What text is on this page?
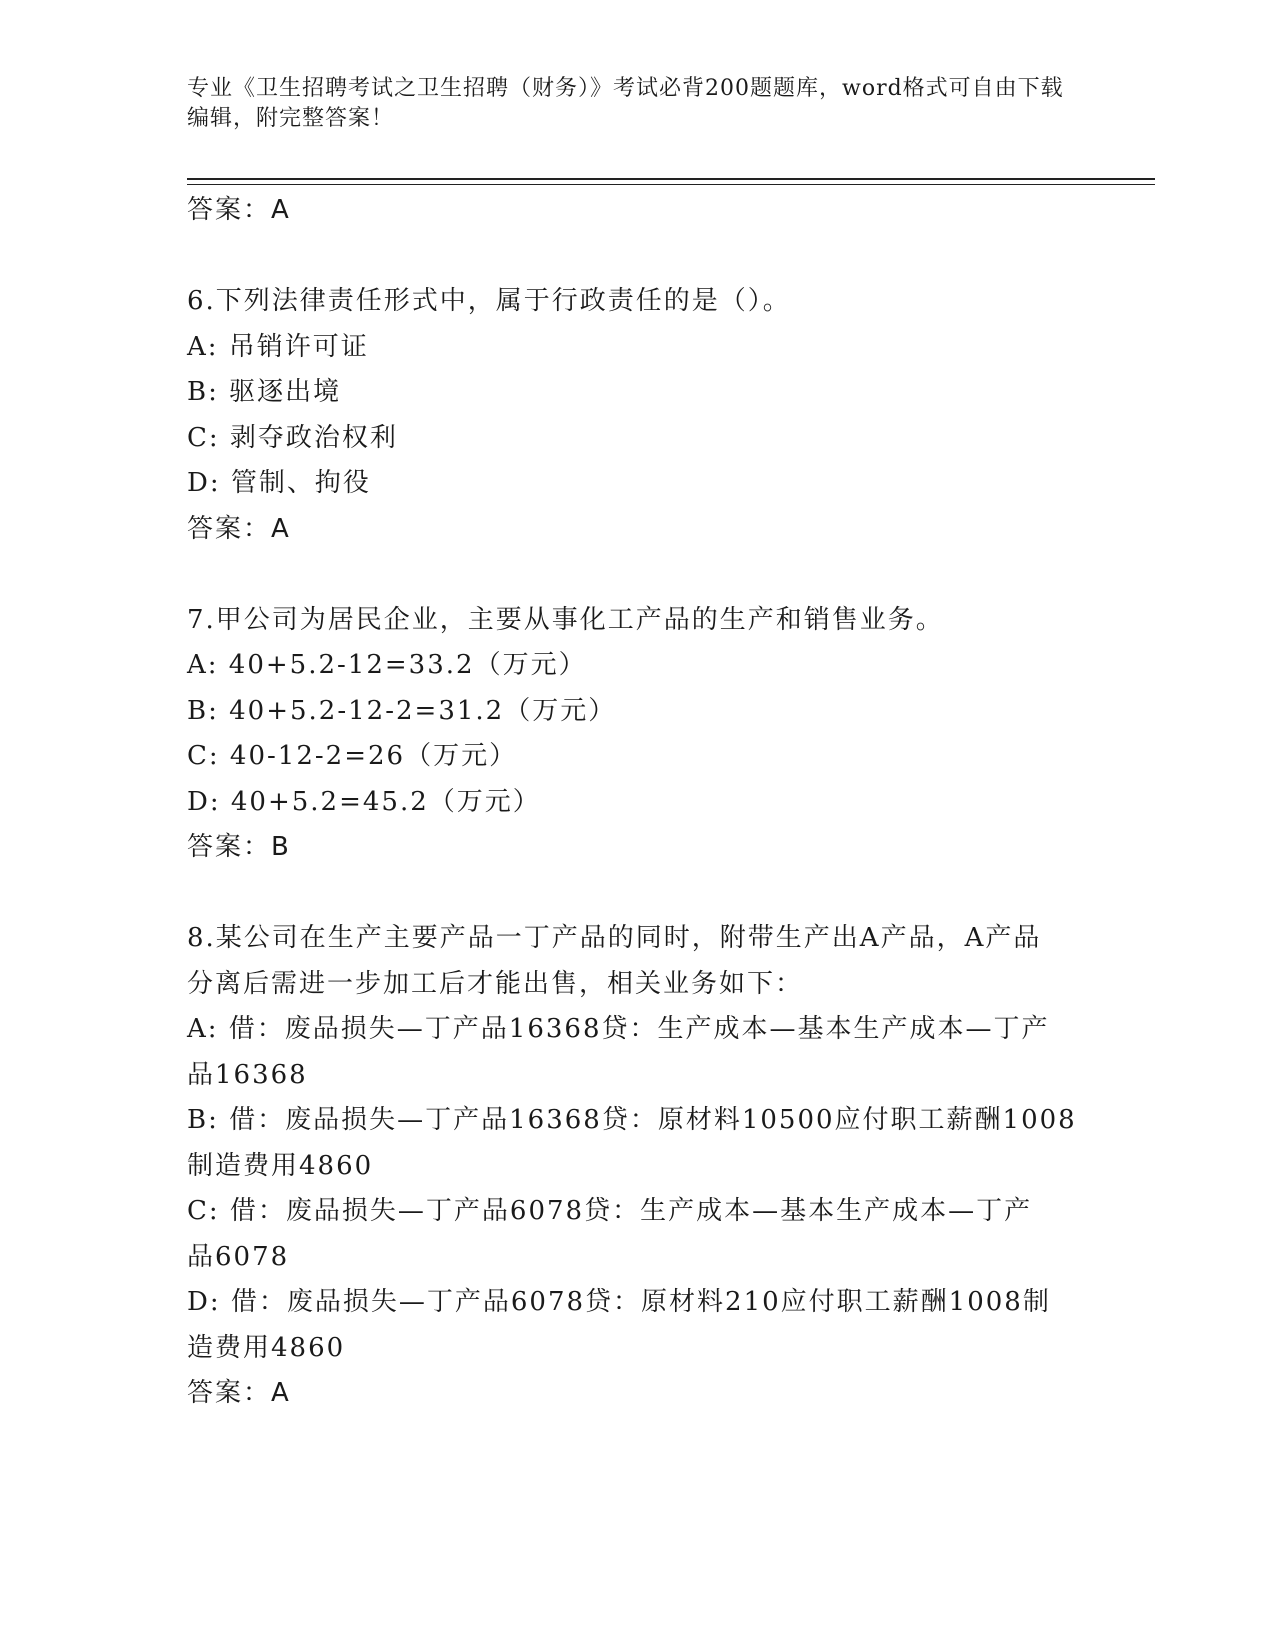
专业《卫生招聘考试之卫生招聘（财务）》考试必背200题题库，word格式可自由下载编辑，附完整答案！
答案：A
6.下列法律责任形式中，属于行政责任的是（）。
A: 吊销许可证
B: 驱逐出境
C: 剥夺政治权利
D: 管制、拘役
答案：A
7.甲公司为居民企业，主要从事化工产品的生产和销售业务。
A: 40+5.2-12=33.2（万元）
B: 40+5.2-12-2=31.2（万元）
C: 40-12-2=26（万元）
D: 40+5.2=45.2（万元）
答案：B
8.某公司在生产主要产品一丁产品的同时，附带生产出A产品，A产品
分离后需进一步加工后才能出售，相关业务如下：
A: 借：废品损失—丁产品16368贷：生产成本—基本生产成本—丁产
品16368
B: 借：废品损失—丁产品16368贷：原材料10500应付职工薪酬1008
制造费用4860
C: 借：废品损失—丁产品6078贷：生产成本—基本生产成本—丁产
品6078
D: 借：废品损失—丁产品6078贷：原材料210应付职工薪酬1008制
造费用4860
答案：A
